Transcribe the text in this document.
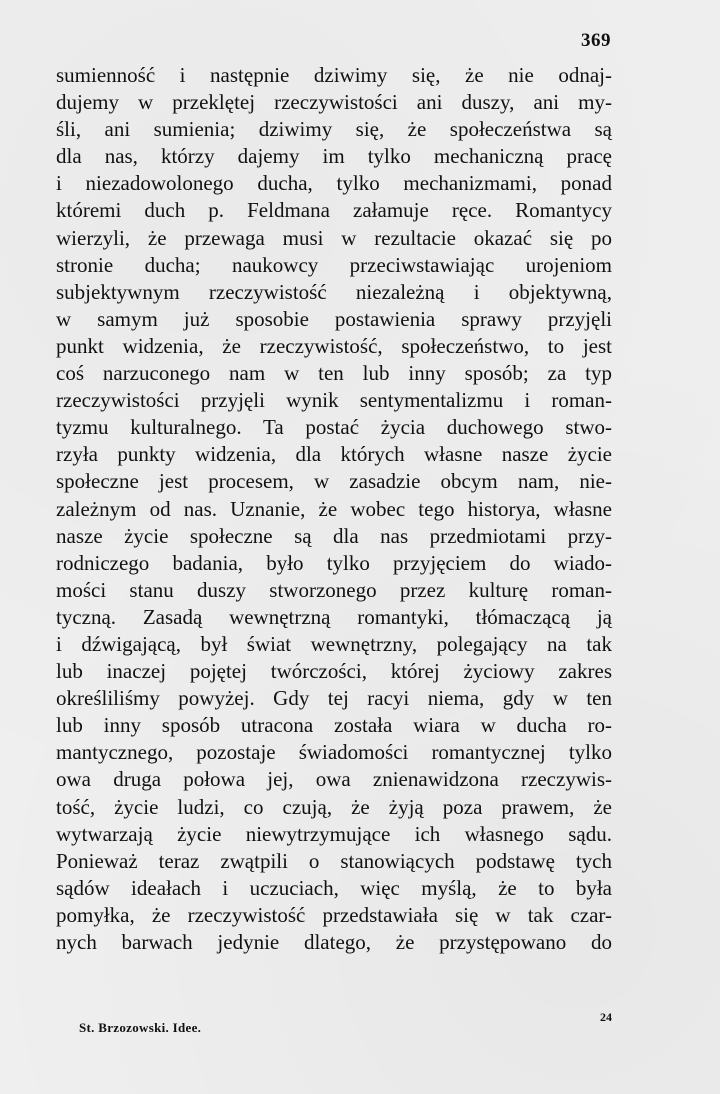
369
sumienność i następnie dziwimy się, że nie odnaj-
dujemy w przeklętej rzeczywistości ani duszy, ani my-
śli, ani sumienia; dziwimy się, że społeczeństwa są
dla nas, którzy dajemy im tylko mechaniczną pracę
i niezadowolonego ducha, tylko mechanizmami, ponad
któremi duch p. Feldmana załamuje ręce. Romantycy
wierzyli, że przewaga musi w rezultacie okazać się po
stronie ducha; naukowcy przeciwstawiając urojeniom
subjektywnym rzeczywistość niezależną i objektywną,
w samym już sposobie postawienia sprawy przyjęli
punkt widzenia, że rzeczywistość, społeczeństwo, to jest
coś narzuconego nam w ten lub inny sposób; za typ
rzeczywistości przyjęli wynik sentymentalizmu i roman-
tyzmu kulturalnego. Ta postać życia duchowego stwo-
rzyła punkty widzenia, dla których własne nasze życie
społeczne jest procesem, w zasadzie obcym nam, nie-
zależnym od nas. Uznanie, że wobec tego historya, własne
nasze życie społeczne są dla nas przedmiotami przy-
rodniczego badania, było tylko przyjęciem do wiado-
mości stanu duszy stworzonego przez kulturę roman-
tyczną. Zasadą wewnętrzną romantyki, tłómaczącą ją
i dźwigającą, był świat wewnętrzny, polegający na tak
lub inaczej pojętej twórczości, której życiowy zakres
określiliśmy powyżej. Gdy tej racyi niema, gdy w ten
lub inny sposób utracona została wiara w ducha ro-
mantycznego, pozostaje świadomości romantycznej tylko
owa druga połowa jej, owa znienawidzona rzeczywis-
tość, życie ludzi, co czują, że żyją poza prawem, że
wytwarzają życie niewytrzymujące ich własnego sądu.
Ponieważ teraz zwątpili o stanowiących podstawę tych
sądów ideałach i uczuciach, więc myślą, że to była
pomyłka, że rzeczywistość przedstawiała się w tak czar-
nych barwach jedynie dlatego, że przystępowano do
St. Brzozowski. Idee.
24
